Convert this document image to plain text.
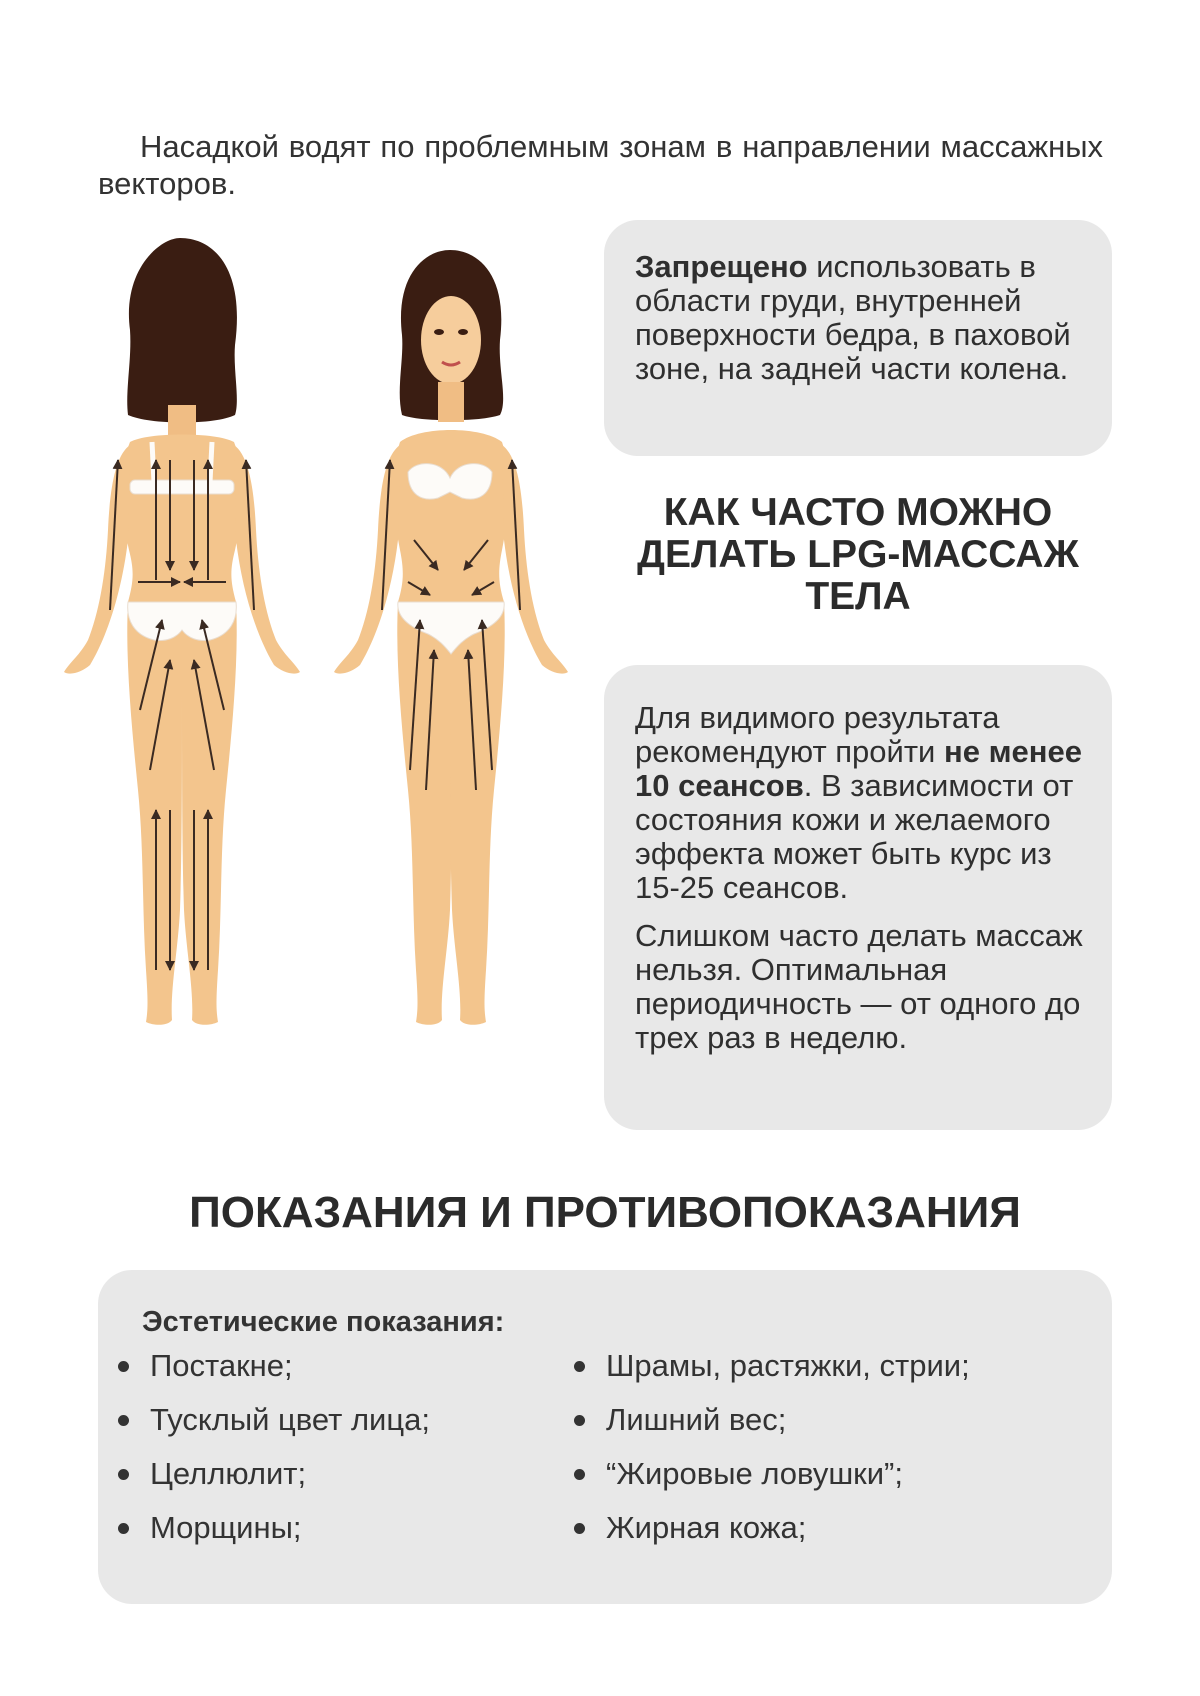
Насадкой водят по проблемным зонам в направлении массажных векторов.

Запрещено использовать в области груди, внутренней поверхности бедра, в паховой зоне, на задней части колена.

КАК ЧАСТО МОЖНО ДЕЛАТЬ LPG-МАССАЖ ТЕЛА

Для видимого результата рекомендуют пройти не менее 10 сеансов. В зависимости от состояния кожи и желаемого эффекта может быть курс из 15-25 сеансов.

Слишком часто делать массаж нельзя. Оптимальная периодичность — от одного до трех раз в неделю.

ПОКАЗАНИЯ И ПРОТИВОПОКАЗАНИЯ

Эстетические показания:

Постакне;
Тусклый цвет лица;
Целлюлит;
Морщины;
Шрамы, растяжки, стрии;
Лишний вес;
“Жировые ловушки”;
Жирная кожа;
